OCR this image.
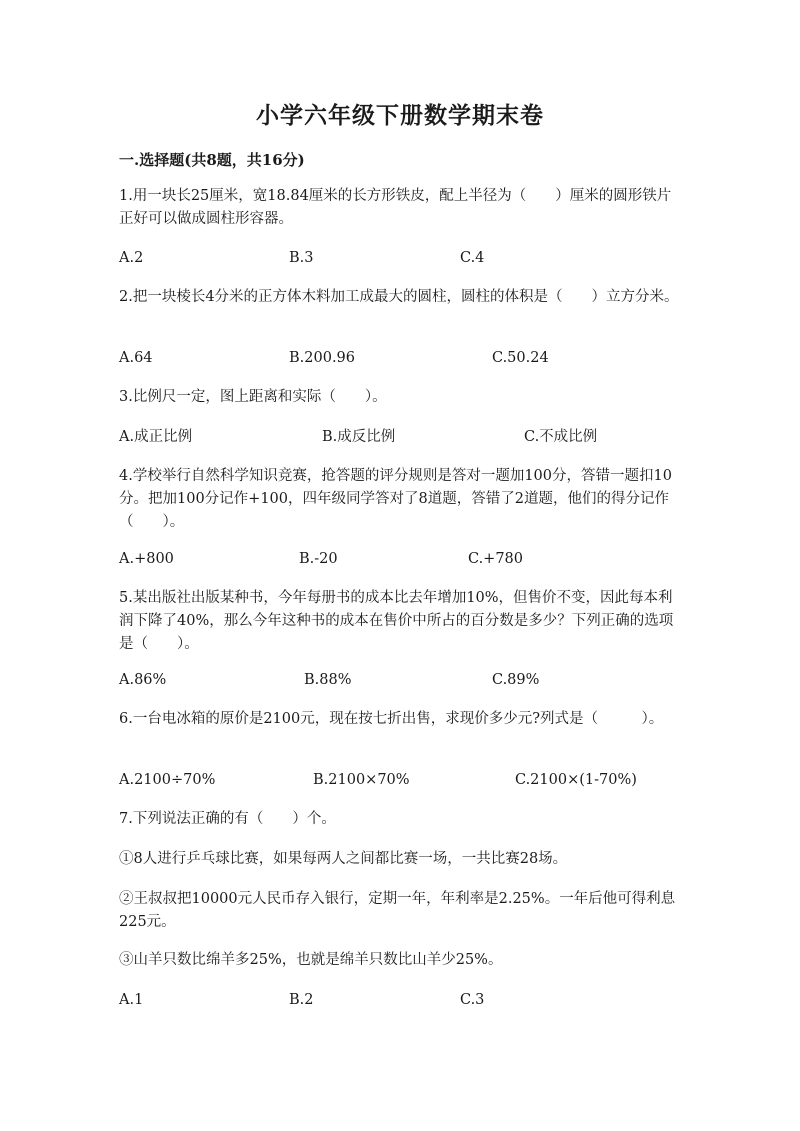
小学六年级下册数学期末卷
一.选择题(共8题，共16分)

1.用一块长25厘米，宽18.84厘米的长方形铁皮，配上半径为（　　）厘米的圆形铁片正好可以做成圆柱形容器。

A.2	B.3	C.4

2.把一块棱长4分米的正方体木料加工成最大的圆柱，圆柱的体积是（　　）立方分米。

A.64	B.200.96	C.50.24

3.比例尺一定，图上距离和实际（　　）。

A.成正比例	B.成反比例	C.不成比例

4.学校举行自然科学知识竞赛，抢答题的评分规则是答对一题加100分，答错一题扣10分。把加100分记作+100，四年级同学答对了8道题，答错了2道题，他们的得分记作（　　）。

A.+800	B.-20	C.+780

5.某出版社出版某种书，今年每册书的成本比去年增加10%，但售价不变，因此每本利润下降了40%，那么今年这种书的成本在售价中所占的百分数是多少？下列正确的选项是（　　）。

A.86%	B.88%	C.89%

6.一台电冰箱的原价是2100元，现在按七折出售，求现价多少元?列式是（　　　）。

A.2100÷70%	B.2100×70%	C.2100×(1-70%)

7.下列说法正确的有（　　）个。

①8人进行乒乓球比赛，如果每两人之间都比赛一场，一共比赛28场。

②王叔叔把10000元人民币存入银行，定期一年，年利率是2.25%。一年后他可得利息225元。

③山羊只数比绵羊多25%，也就是绵羊只数比山羊少25%。

A.1	B.2	C.3
